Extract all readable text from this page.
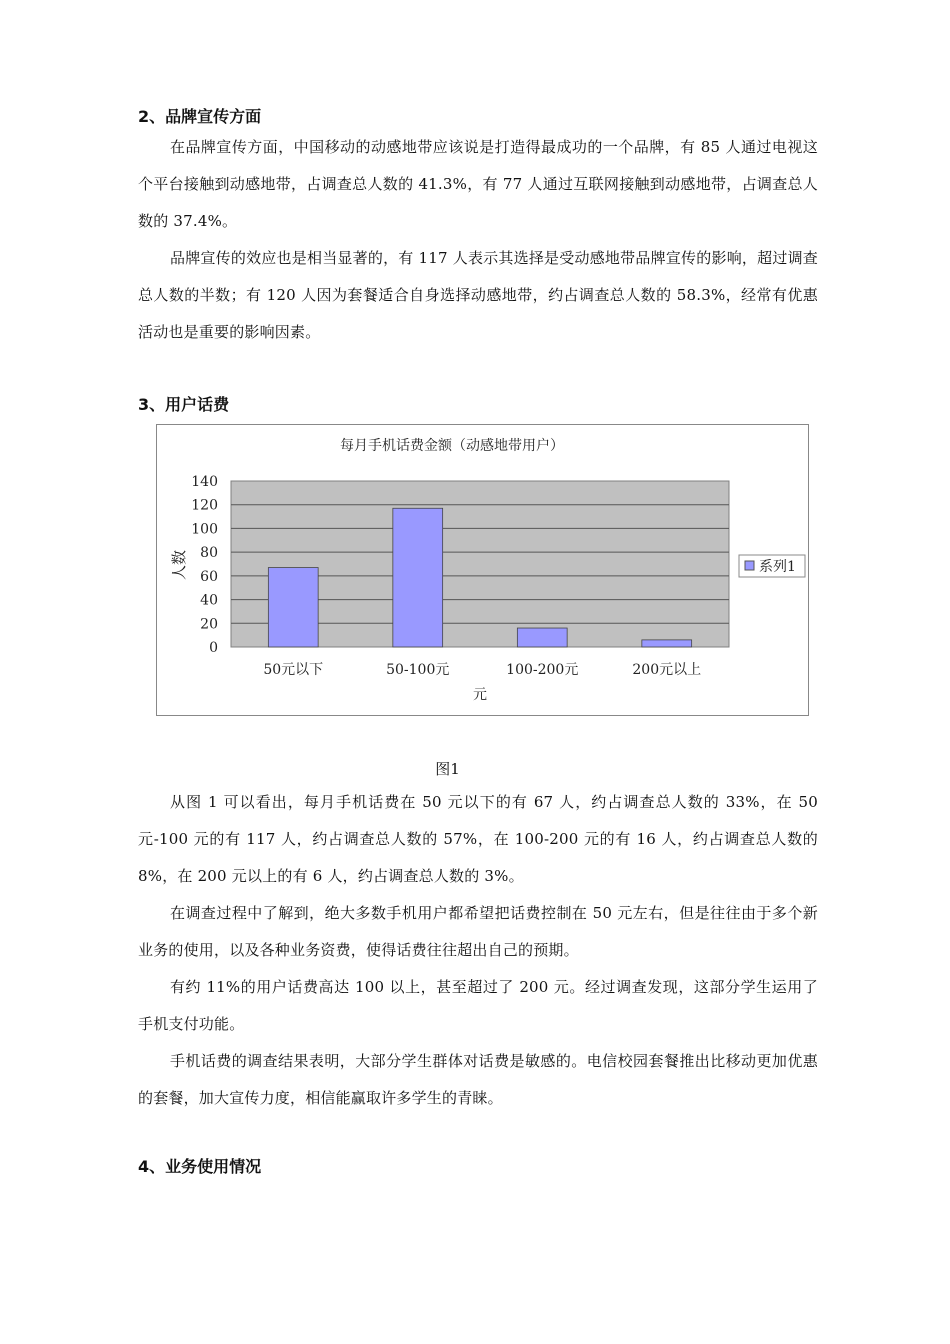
2、品牌宣传方面

在品牌宣传方面，中国移动的动感地带应该说是打造得最成功的一个品牌，有 85 人通过电视这个平台接触到动感地带，占调查总人数的 41.3%，有 77 人通过互联网接触到动感地带，占调查总人数的 37.4%。

品牌宣传的效应也是相当显著的，有 117 人表示其选择是受动感地带品牌宣传的影响，超过调查总人数的半数；有 120 人因为套餐适合自身选择动感地带，约占调查总人数的 58.3%，经常有优惠活动也是重要的影响因素。

3、用户话费
每月手机话费金额（动感地带用户）
0
20
40
60
80
100
120
140
50元以下	50-100元	100-200元	200元以上
元
人数	系列1
图1

从图 1 可以看出，每月手机话费在 50 元以下的有 67 人，约占调查总人数的 33%，在 50 元-100 元的有 117 人，约占调查总人数的 57%，在 100-200 元的有 16 人，约占调查总人数的 8%，在 200 元以上的有 6 人，约占调查总人数的 3%。

在调查过程中了解到，绝大多数手机用户都希望把话费控制在 50 元左右，但是往往由于多个新业务的使用，以及各种业务资费，使得话费往往超出自己的预期。

有约 11%的用户话费高达 100 以上，甚至超过了 200 元。经过调查发现，这部分学生运用了手机支付功能。

手机话费的调查结果表明，大部分学生群体对话费是敏感的。电信校园套餐推出比移动更加优惠的套餐，加大宣传力度，相信能赢取许多学生的青睐。

4、业务使用情况
